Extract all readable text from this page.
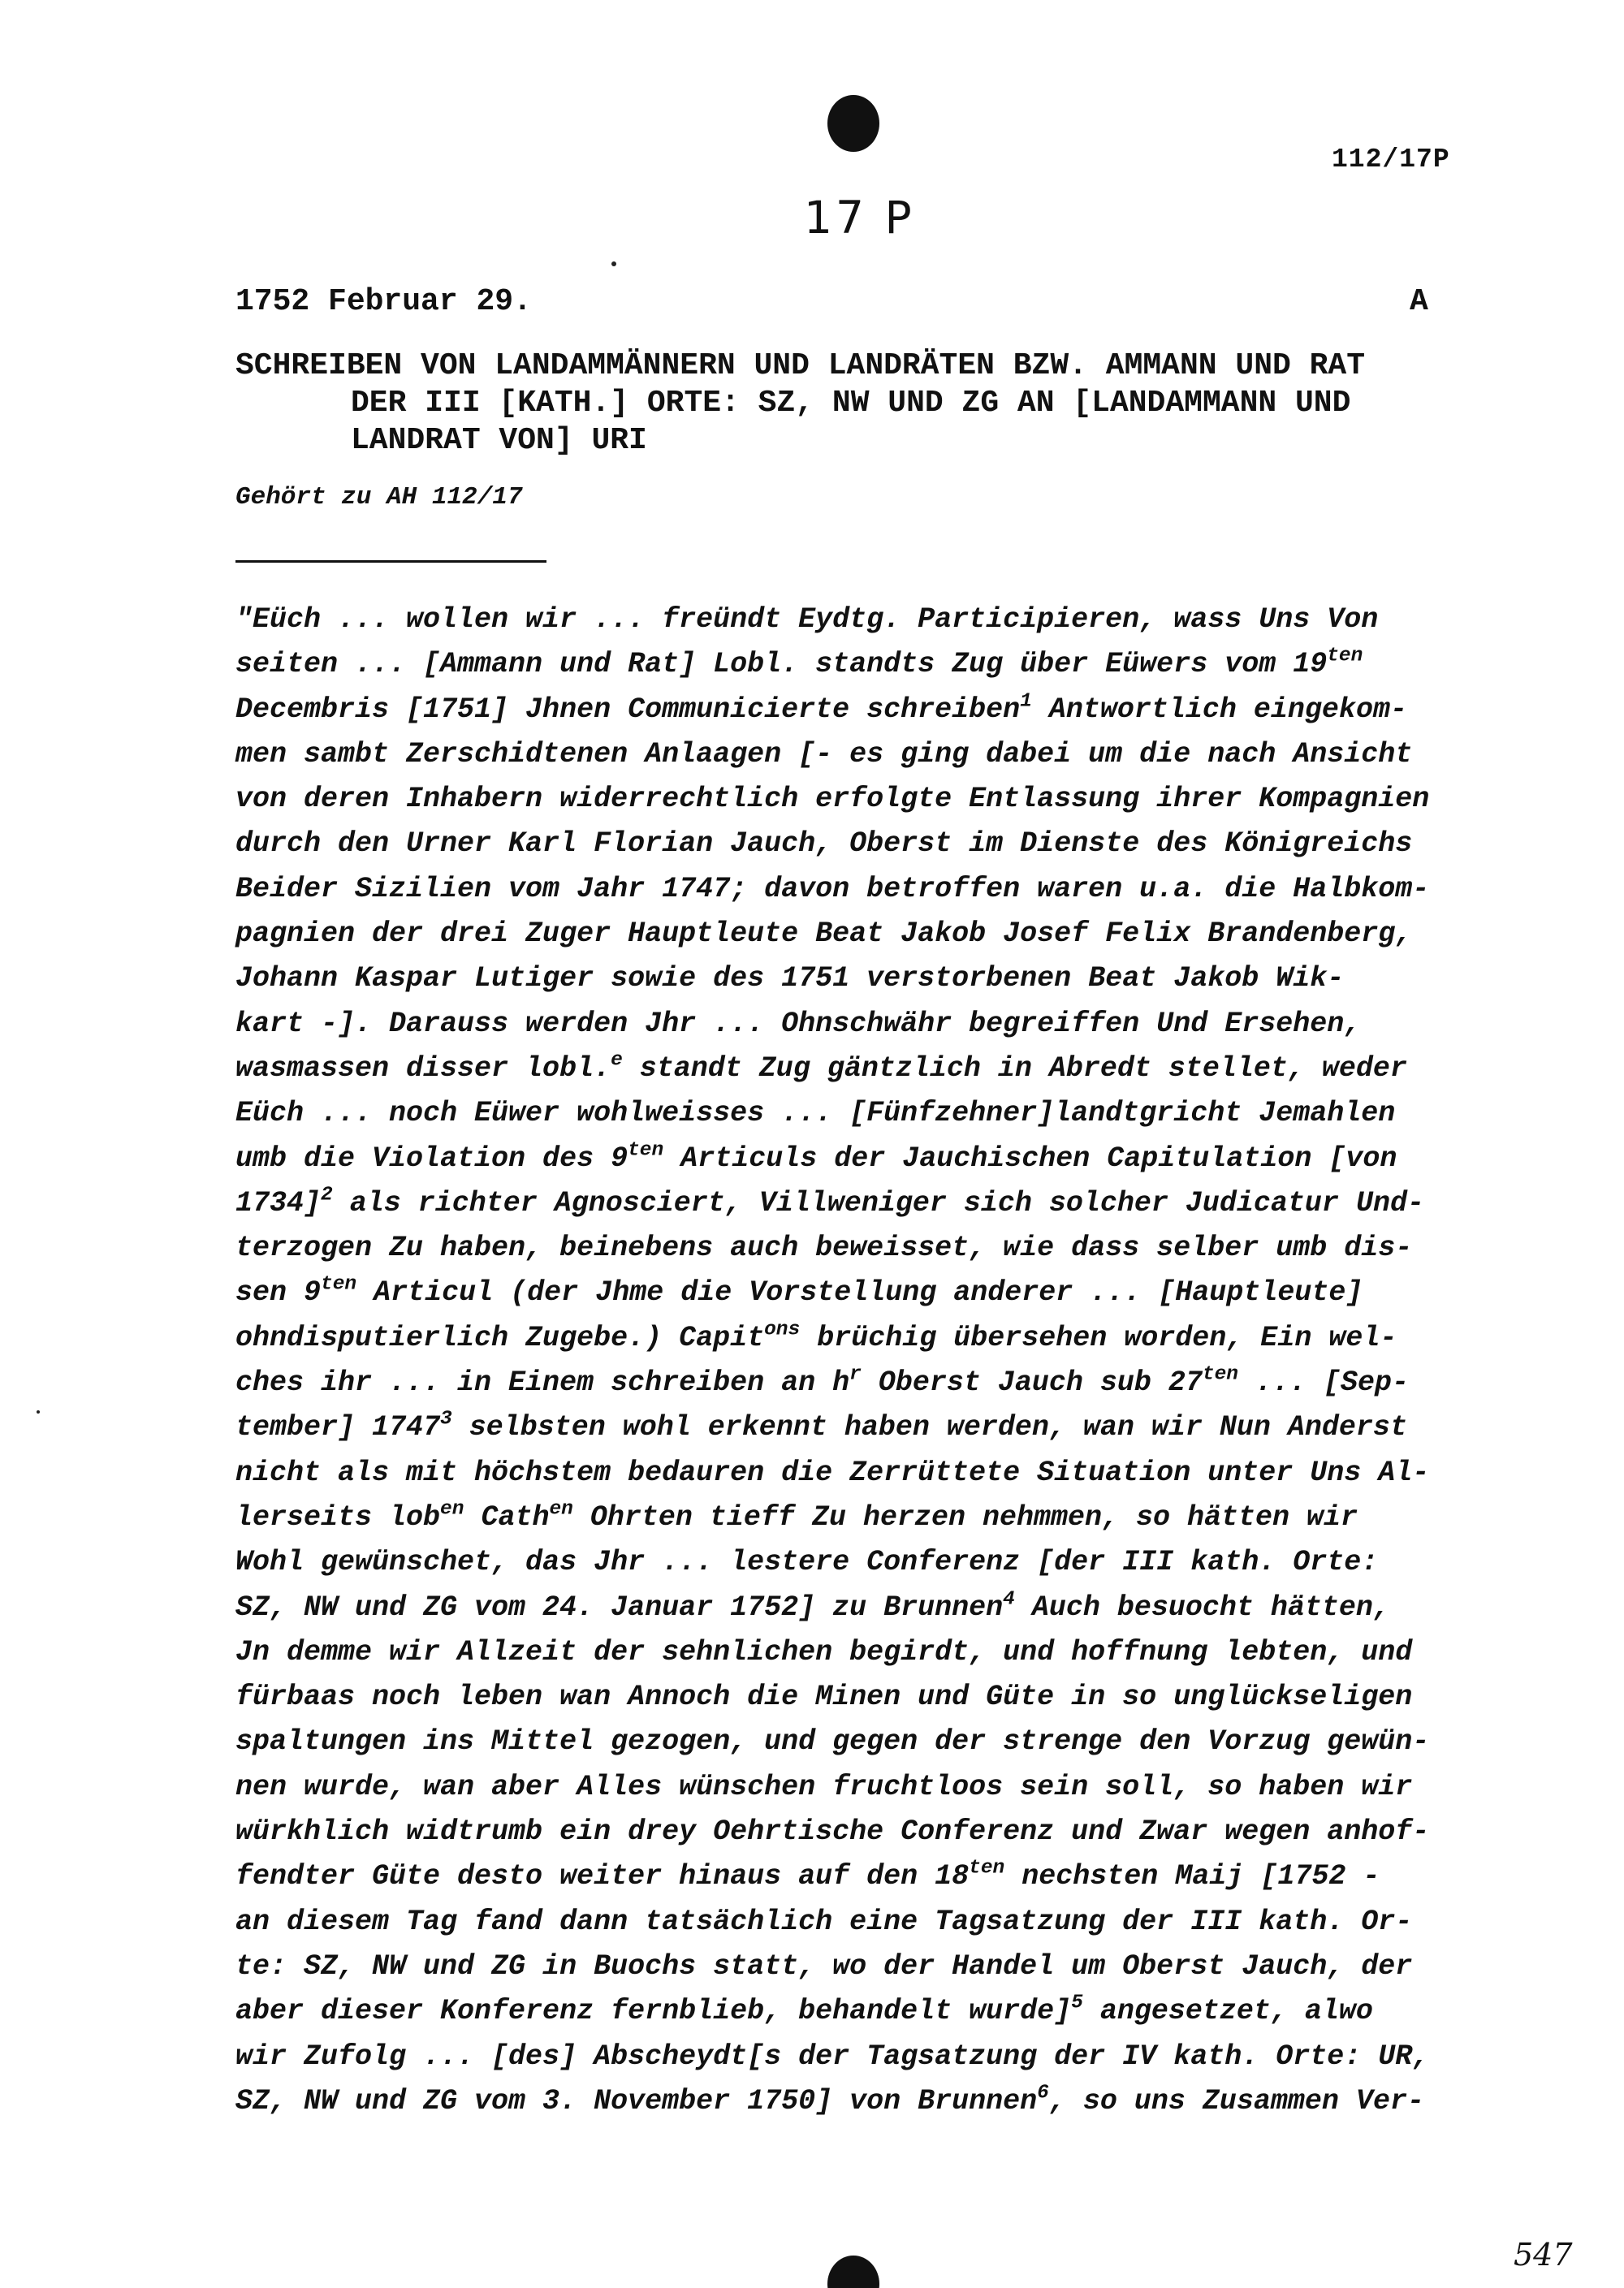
112/17P
17 P
1752 Februar 29.	A
SCHREIBEN VON LANDAMMÄNNERN UND LANDRÄTEN BZW. AMMANN UND RAT
DER III [KATH.] ORTE: SZ, NW UND ZG AN [LANDAMMANN UND
LANDRAT VON] URI
Gehört zu AH 112/17
"Eüch ... wollen wir ... freündt Eydtg. Participieren, wass Uns Von
seiten ... [Ammann und Rat] Lobl. standts Zug über Eüwers vom $19^{ten}$
Decembris [1751] Jhnen Communicierte schreiben$^1$ Antwortlich eingekom-
men sambt Zerschidtenen Anlaagen [- es ging dabei um die nach Ansicht
von deren Inhabern widerrechtlich erfolgte Entlassung ihrer Kompagnien
durch den Urner Karl Florian Jauch, Oberst im Dienste des Königreichs
Beider Sizilien vom Jahr 1747; davon betroffen waren u.a. die Halbkom-
pagnien der drei Zuger Hauptleute Beat Jakob Josef Felix Brandenberg,
Johann Kaspar Lutiger sowie des 1751 verstorbenen Beat Jakob Wik-
kart -]. Darauss werden Jhr ... Ohnschwähr begreiffen Und Ersehen,
wasmassen disser lobl.$^e$ standt Zug gäntzlich in Abredt stellet, weder
Eüch ... noch Eüwer wohlweisses ... [Fünfzehner]landtgricht Jemahlen
umb die Violation des $9^{ten}$ Articuls der Jauchischen Capitulation [von
1734]$^2$ als richter Agnosciert, Villweniger sich solcher Judicatur Und-
terzogen Zu haben, beinebens auch beweisset, wie dass selber umb dis-
sen $9^{ten}$ Articul (der Jhme die Vorstellung anderer ... [Hauptleute]
ohndisputierlich Zugebe.) Capit$^{ons}$ brüchig übersehen worden, Ein wel-
ches ihr ... in Einem schreiben an $h^r$ Oberst Jauch sub $27^{ten}$ ... [Sep-
tember] 1747$^3$ selbsten wohl erkennt haben werden, wan wir Nun Anderst
nicht als mit höchstem bedauren die Zerrüttete Situation unter Uns Al-
lerseits lob$^{en}$ Cath$^{en}$ Ohrten tieff Zu herzen nehmmen, so hätten wir
Wohl gewünschet, das Jhr ... lestere Conferenz [der III kath. Orte:
SZ, NW und ZG vom 24. Januar 1752] zu Brunnen$^4$ Auch besuocht hätten,
Jn demme wir Allzeit der sehnlichen begirdt, und hoffnung lebten, und
fürbaas noch leben wan Annoch die Minen und Güte in so unglückseligen
spaltungen ins Mittel gezogen, und gegen der strenge den Vorzug gewün-
nen wurde, wan aber Alles wünschen fruchtloos sein soll, so haben wir
würkhlich widtrumb ein drey Oehrtische Conferenz und Zwar wegen anhof-
fendter Güte desto weiter hinaus auf den $18^{ten}$ nechsten Maij [1752 -
an diesem Tag fand dann tatsächlich eine Tagsatzung der III kath. Or-
te: SZ, NW und ZG in Buochs statt, wo der Handel um Oberst Jauch, der
aber dieser Konferenz fernblieb, behandelt wurde]$^5$ angesetzet, alwo
wir Zufolg ... [des] Abscheydt[s der Tagsatzung der IV kath. Orte: UR,
SZ, NW und ZG vom 3. November 1750] von Brunnen$^6$, so uns Zusammen Ver-
547
